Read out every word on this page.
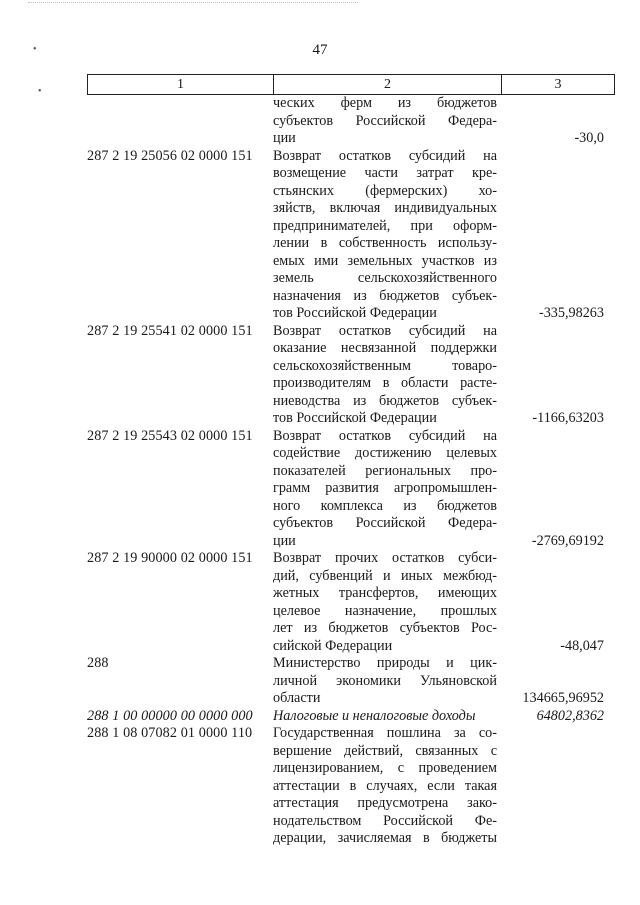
•
•
47
1	2	3
ческих ферм из бюджетов
субъектов Российской Федера-
ции	-30,0
287 2 19 25056 02 0000 151 Возврат остатков субсидий на
возмещение части затрат кре-
стьянских (фермерских) хо-
зяйств, включая индивидуальных
предпринимателей, при оформ-
лении в собственность использу-
емых ими земельных участков из
земель сельскохозяйственного
назначения из бюджетов субъек-
тов Российской Федерации	-335,98263
287 2 19 25541 02 0000 151 Возврат остатков субсидий на
оказание несвязанной поддержки
сельскохозяйственным товаро-
производителям в области расте-
ниеводства из бюджетов субъек-
тов Российской Федерации	-1166,63203
287 2 19 25543 02 0000 151 Возврат остатков субсидий на
содействие достижению целевых
показателей региональных про-
грамм развития агропромышлен-
ного комплекса из бюджетов
субъектов Российской Федера-
ции	-2769,69192
287 2 19 90000 02 0000 151 Возврат прочих остатков субси-
дий, субвенций и иных межбюд-
жетных трансфертов, имеющих
целевое назначение, прошлых
лет из бюджетов субъектов Рос-
сийской Федерации	-48,047
288	Министерство природы и цик-
личной экономики Ульяновской
области	134665,96952
288 1 00 00000 00 0000 000 Налоговые и неналоговые доходы	64802,8362
288 1 08 07082 01 0000 110 Государственная пошлина за со-
вершение действий, связанных с
лицензированием, с проведением
аттестации в случаях, если такая
аттестация предусмотрена зако-
нодательством Российской Фе-
дерации, зачисляемая в бюджеты
